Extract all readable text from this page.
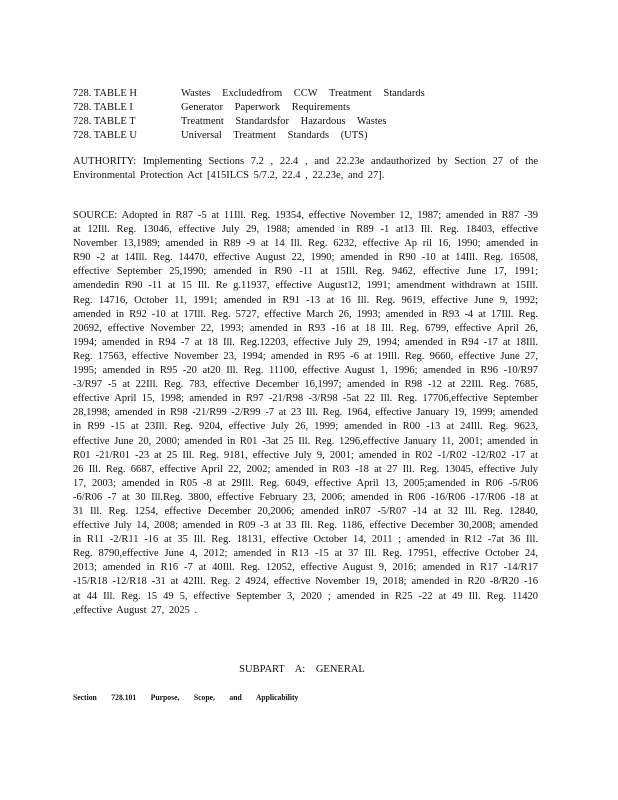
728. TABLE H	Wastes Excludedfrom CCW Treatment Standards
728. TABLE I	Generator Paperwork Requirements
728. TABLE T	Treatment Standardsfor Hazardous Wastes
728. TABLE U	Universal Treatment Standards (UTS)
AUTHORITY: Implementing Sections 7.2 , 22.4 , and 22.23e andauthorized by Section 27 of the Environmental Protection Act [415ILCS 5/7.2, 22.4 , 22.23e, and 27].
SOURCE: Adopted in R87 -5 at 11Ill. Reg. 19354, effective November 12, 1987; amended in R87 -39 at 12Ill. Reg. 13046, effective July 29, 1988; amended in R89 -1 at13 Ill. Reg. 18403, effective November 13,1989; amended in R89 -9 at 14 Ill. Reg. 6232, effective Ap ril 16, 1990; amended in R90 -2 at 14Ill. Reg. 14470, effective August 22, 1990; amended in R90 -10 at 14Ill. Reg. 16508, effective September 25,1990; amended in R90 -11 at 15Ill. Reg. 9462, effective June 17, 1991; amendedin R90 -11 at 15 Ill. Re g.11937, effective August12, 1991; amendment withdrawn at 15Ill. Reg. 14716, October 11, 1991; amended in R91 -13 at 16 Ill. Reg. 9619, effective June 9, 1992; amended in R92 -10 at 17Ill. Reg. 5727, effective March 26, 1993; amended in R93 -4 at 17Ill. Reg. 20692, effective November 22, 1993; amended in R93 -16 at 18 Ill. Reg. 6799, effective April 26, 1994; amended in R94 -7 at 18 Ill. Reg.12203, effective July 29, 1994; amended in R94 -17 at 18Ill. Reg. 17563, effective November 23, 1994; amended in R95 -6 at 19Ill. Reg. 9660, effective June 27, 1995; amended in R95 -20 at20 Ill. Reg. 11100, effective August 1, 1996; amended in R96 -10/R97 -3/R97 -5 at 22Ill. Reg. 783, effective December 16,1997; amended in R98 -12 at 22Ill. Reg. 7685, effective April 15, 1998; amended in R97 -21/R98 -3/R98 -5at 22 Ill. Reg. 17706,effective September 28,1998; amended in R98 -21/R99 -2/R99 -7 at 23 Ill. Reg. 1964, effective January 19, 1999; amended in R99 -15 at 23Ill. Reg. 9204, effective July 26, 1999; amended in R00 -13 at 24Ill. Reg. 9623, effective June 20, 2000; amended in R01 -3at 25 Ill. Reg. 1296,effective January 11, 2001; amended in R01 -21/R01 -23 at 25 Ill. Reg. 9181, effective July 9, 2001; amended in R02 -1/R02 -12/R02 -17 at 26 Ill. Reg. 6687, effective April 22, 2002; amended in R03 -18 at 27 Ill. Reg. 13045, effective July 17, 2003; amended in R05 -8 at 29Ill. Reg. 6049, effective April 13, 2005;amended in R06 -5/R06 -6/R06 -7 at 30 Ill.Reg. 3800, effective February 23, 2006; amended in R06 -16/R06 -17/R06 -18 at 31 Ill. Reg. 1254, effective December 20,2006; amended inR07 -5/R07 -14 at 32 Ill. Reg. 12840, effective July 14, 2008; amended in R09 -3 at 33 Ill. Reg. 1186, effective December 30,2008; amended in R11 -2/R11 -16 at 35 Ill. Reg. 18131, effective October 14, 2011 ; amended in R12 -7at 36 Ill. Reg. 8790,effective June 4, 2012; amended in R13 -15 at 37 Ill. Reg. 17951, effective October 24, 2013; amended in R16 -7 at 40Ill. Reg. 12052, effective August 9, 2016; amended in R17 -14/R17 -15/R18 -12/R18 -31 at 42Ill. Reg. 2 4924, effective November 19, 2018; amended in R20 -8/R20 -16 at 44 Ill. Reg. 15 49 5, effective September 3, 2020 ; amended in R25 -22 at 49 Ill. Reg. 11420 ,effective August 27, 2025 .
SUBPART A: GENERAL
Section 728.101 Purpose, Scope, and Applicability
